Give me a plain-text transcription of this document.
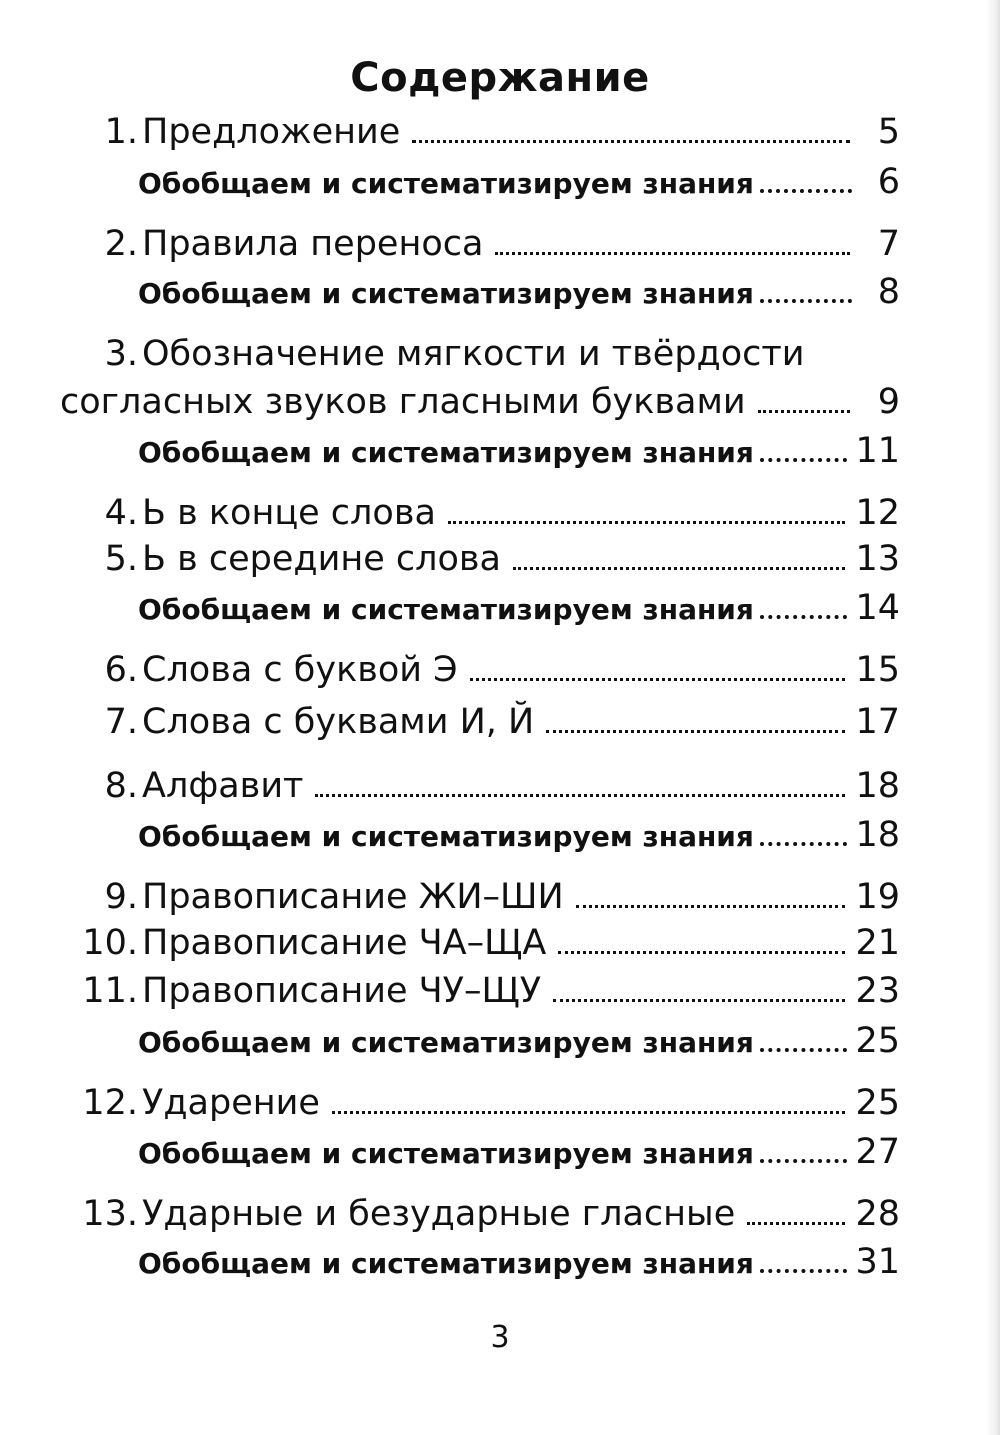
Содержание
1. Предложение	5
Обобщаем и систематизируем знания	6
2. Правила переноса	7
Обобщаем и систематизируем знания	8
3. Обозначение мягкости и твёрдости
согласных звуков гласными буквами	9
Обобщаем и систематизируем знания	11
4. Ь в конце слова	12
5. Ь в середине слова	13
Обобщаем и систематизируем знания	14
6. Слова с буквой Э	15
7. Слова с буквами И, Й	17
8. Алфавит	18
Обобщаем и систематизируем знания	18
9. Правописание ЖИ–ШИ	19
10. Правописание ЧА–ЩА	21
11. Правописание ЧУ–ЩУ	23
Обобщаем и систематизируем знания	25
12. Ударение	25
Обобщаем и систематизируем знания	27
13. Ударные и безударные гласные	28
Обобщаем и систематизируем знания	31
3
